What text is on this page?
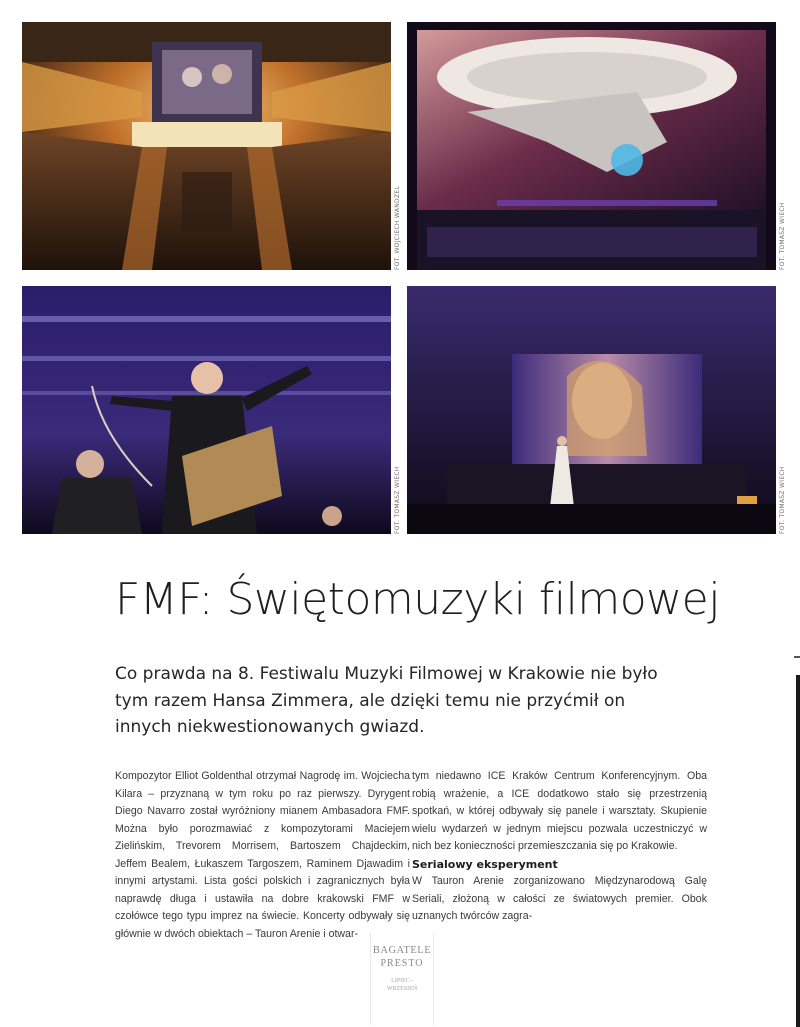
FOT. WOJCIECH WANDZEL	FOT. TOMASZ WIECH
FOT. TOMASZ WIECH	FOT. TOMASZ WIECH
FMF: Świętomuzyki filmowej

Co prawda na 8. Festiwalu Muzyki Filmowej w Krakowie nie było tym razem Hansa Zimmera, ale dzięki temu nie przyćmił on innych niekwestionowanych gwiazd.

Kompozytor Elliot Goldenthal otrzymał Nagrodę im. Wojciecha Kilara – przyznaną w tym roku po raz pierwszy. Dyrygent Diego Navarro został wyróżniony mianem Ambasadora FMF. Można było porozmawiać z kompozytorami Maciejem Zielińskim, Trevorem Morrisem, Bartoszem Chajdeckim, Jeffem Bealem, Łukaszem Targoszem, Raminem Djawadim i innymi artystami. Lista gości polskich i zagranicznych była naprawdę długa i ustawiła na dobre krakowski FMF w czołówce tego typu imprez na świecie. Koncerty odbywały się głównie w dwóch obiektach – Tauron Arenie i otwar-

tym niedawno ICE Kraków Centrum Konferencyjnym. Oba robią wrażenie, a ICE dodatkowo stało się przestrzenią spotkań, w której odbywały się panele i warsztaty. Skupienie wielu wydarzeń w jednym miejscu pozwala uczestniczyć w nich bez konieczności przemieszczania się po Krakowie.

Serialowy eksperyment

W Tauron Arenie zorganizowano Międzynarodową Galę Seriali, złożoną w całości ze światowych premier. Obok uznanych twórców zagra-

BAGATELE
PRESTO
LIPIEC–
WRZESIEŃ
